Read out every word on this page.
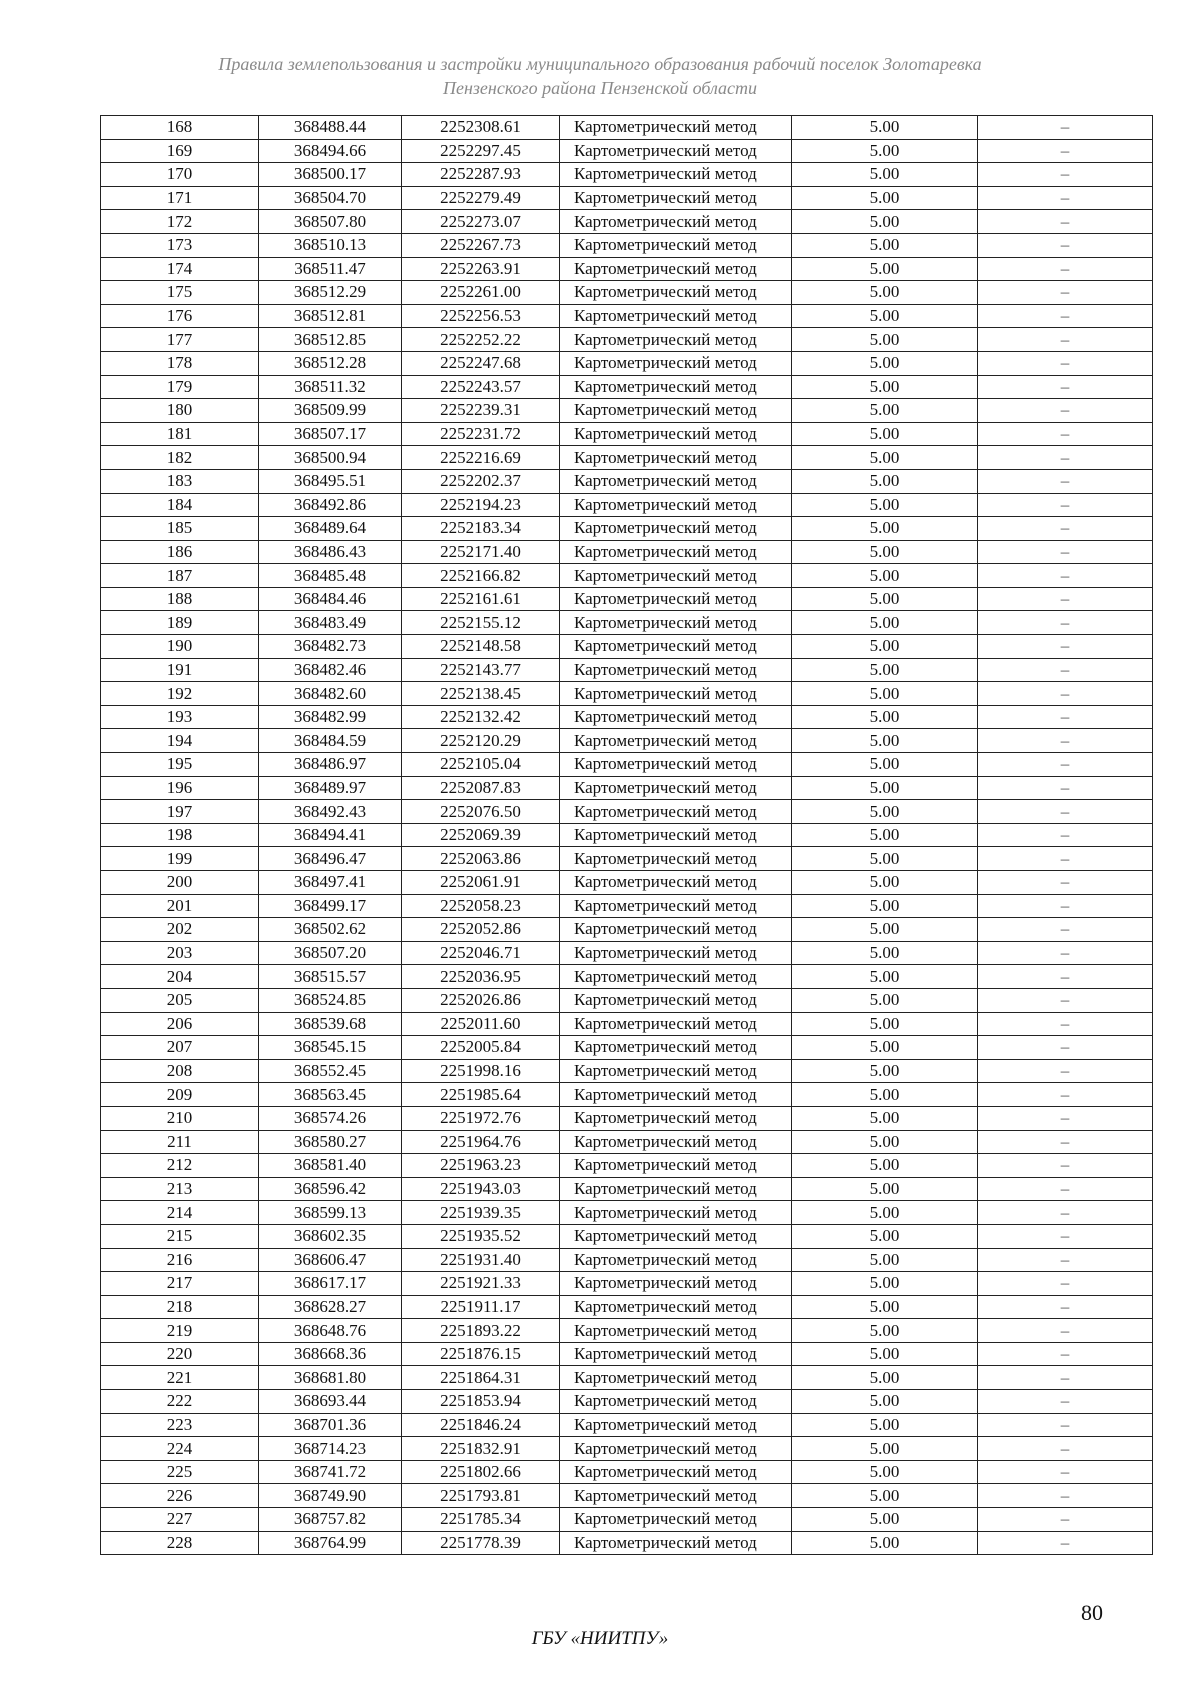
Правила землепользования и застройки муниципального образования рабочий поселок Золотаревка
Пензенского района Пензенской области
168	368488.44	2252308.61	Картометрический метод	5.00	–
169	368494.66	2252297.45	Картометрический метод	5.00	–
170	368500.17	2252287.93	Картометрический метод	5.00	–
171	368504.70	2252279.49	Картометрический метод	5.00	–
172	368507.80	2252273.07	Картометрический метод	5.00	–
173	368510.13	2252267.73	Картометрический метод	5.00	–
174	368511.47	2252263.91	Картометрический метод	5.00	–
175	368512.29	2252261.00	Картометрический метод	5.00	–
176	368512.81	2252256.53	Картометрический метод	5.00	–
177	368512.85	2252252.22	Картометрический метод	5.00	–
178	368512.28	2252247.68	Картометрический метод	5.00	–
179	368511.32	2252243.57	Картометрический метод	5.00	–
180	368509.99	2252239.31	Картометрический метод	5.00	–
181	368507.17	2252231.72	Картометрический метод	5.00	–
182	368500.94	2252216.69	Картометрический метод	5.00	–
183	368495.51	2252202.37	Картометрический метод	5.00	–
184	368492.86	2252194.23	Картометрический метод	5.00	–
185	368489.64	2252183.34	Картометрический метод	5.00	–
186	368486.43	2252171.40	Картометрический метод	5.00	–
187	368485.48	2252166.82	Картометрический метод	5.00	–
188	368484.46	2252161.61	Картометрический метод	5.00	–
189	368483.49	2252155.12	Картометрический метод	5.00	–
190	368482.73	2252148.58	Картометрический метод	5.00	–
191	368482.46	2252143.77	Картометрический метод	5.00	–
192	368482.60	2252138.45	Картометрический метод	5.00	–
193	368482.99	2252132.42	Картометрический метод	5.00	–
194	368484.59	2252120.29	Картометрический метод	5.00	–
195	368486.97	2252105.04	Картометрический метод	5.00	–
196	368489.97	2252087.83	Картометрический метод	5.00	–
197	368492.43	2252076.50	Картометрический метод	5.00	–
198	368494.41	2252069.39	Картометрический метод	5.00	–
199	368496.47	2252063.86	Картометрический метод	5.00	–
200	368497.41	2252061.91	Картометрический метод	5.00	–
201	368499.17	2252058.23	Картометрический метод	5.00	–
202	368502.62	2252052.86	Картометрический метод	5.00	–
203	368507.20	2252046.71	Картометрический метод	5.00	–
204	368515.57	2252036.95	Картометрический метод	5.00	–
205	368524.85	2252026.86	Картометрический метод	5.00	–
206	368539.68	2252011.60	Картометрический метод	5.00	–
207	368545.15	2252005.84	Картометрический метод	5.00	–
208	368552.45	2251998.16	Картометрический метод	5.00	–
209	368563.45	2251985.64	Картометрический метод	5.00	–
210	368574.26	2251972.76	Картометрический метод	5.00	–
211	368580.27	2251964.76	Картометрический метод	5.00	–
212	368581.40	2251963.23	Картометрический метод	5.00	–
213	368596.42	2251943.03	Картометрический метод	5.00	–
214	368599.13	2251939.35	Картометрический метод	5.00	–
215	368602.35	2251935.52	Картометрический метод	5.00	–
216	368606.47	2251931.40	Картометрический метод	5.00	–
217	368617.17	2251921.33	Картометрический метод	5.00	–
218	368628.27	2251911.17	Картометрический метод	5.00	–
219	368648.76	2251893.22	Картометрический метод	5.00	–
220	368668.36	2251876.15	Картометрический метод	5.00	–
221	368681.80	2251864.31	Картометрический метод	5.00	–
222	368693.44	2251853.94	Картометрический метод	5.00	–
223	368701.36	2251846.24	Картометрический метод	5.00	–
224	368714.23	2251832.91	Картометрический метод	5.00	–
225	368741.72	2251802.66	Картометрический метод	5.00	–
226	368749.90	2251793.81	Картометрический метод	5.00	–
227	368757.82	2251785.34	Картометрический метод	5.00	–
228	368764.99	2251778.39	Картометрический метод	5.00	–
80
ГБУ «НИИТПУ»
